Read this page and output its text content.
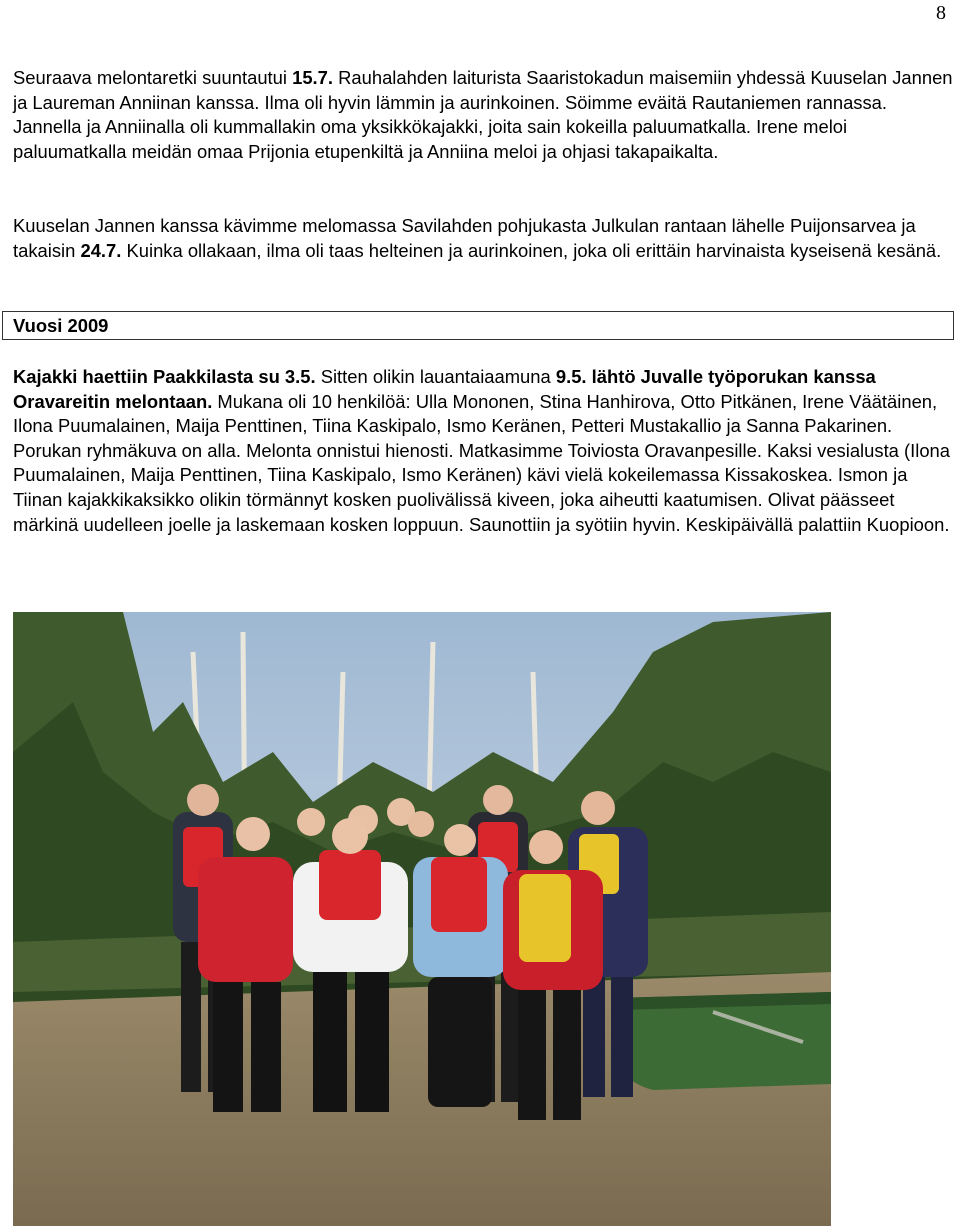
8

Seuraava melontaretki suuntautui 15.7. Rauhalahden laiturista Saaristokadun maisemiin yhdessä Kuuselan Jannen ja Laureman Anniinan kanssa. Ilma oli hyvin lämmin ja aurinkoinen. Söimme eväitä Rautaniemen rannassa. Jannella ja Anniinalla oli kummallakin oma yksikkökajakki, joita sain kokeilla paluumatkalla. Irene meloi paluumatkalla meidän omaa Prijonia etupenkiltä ja Anniina meloi ja ohjasi takapaikalta.

Kuuselan Jannen kanssa kävimme melomassa Savilahden pohjukasta Julkulan rantaan lähelle Puijonsarvea ja takaisin 24.7. Kuinka ollakaan, ilma oli taas helteinen ja aurinkoinen, joka oli erittäin harvinaista kyseisenä kesänä.

Vuosi 2009

Kajakki haettiin Paakkilasta su 3.5. Sitten olikin lauantaiaamuna 9.5. lähtö Juvalle työporukan kanssa Oravareitin melontaan. Mukana oli 10 henkilöä: Ulla Mononen, Stina Hanhirova, Otto Pitkänen, Irene Väätäinen, Ilona Puumalainen, Maija Penttinen, Tiina Kaskipalo, Ismo Keränen, Petteri Mustakallio ja Sanna Pakarinen. Porukan ryhmäkuva on alla. Melonta onnistui hienosti. Matkasimme Toiviosta Oravanpesille. Kaksi vesialusta (Ilona Puumalainen, Maija Penttinen, Tiina Kaskipalo, Ismo Keränen) kävi vielä kokeilemassa Kissakoskea. Ismon ja Tiinan kajakkikaksikko olikin törmännyt kosken puolivälissä kiveen, joka aiheutti kaatumisen. Olivat päässeet märkinä uudelleen joelle ja laskemaan kosken loppuun. Saunottiin ja syötiin hyvin. Keskipäivällä palattiin Kuopioon.
